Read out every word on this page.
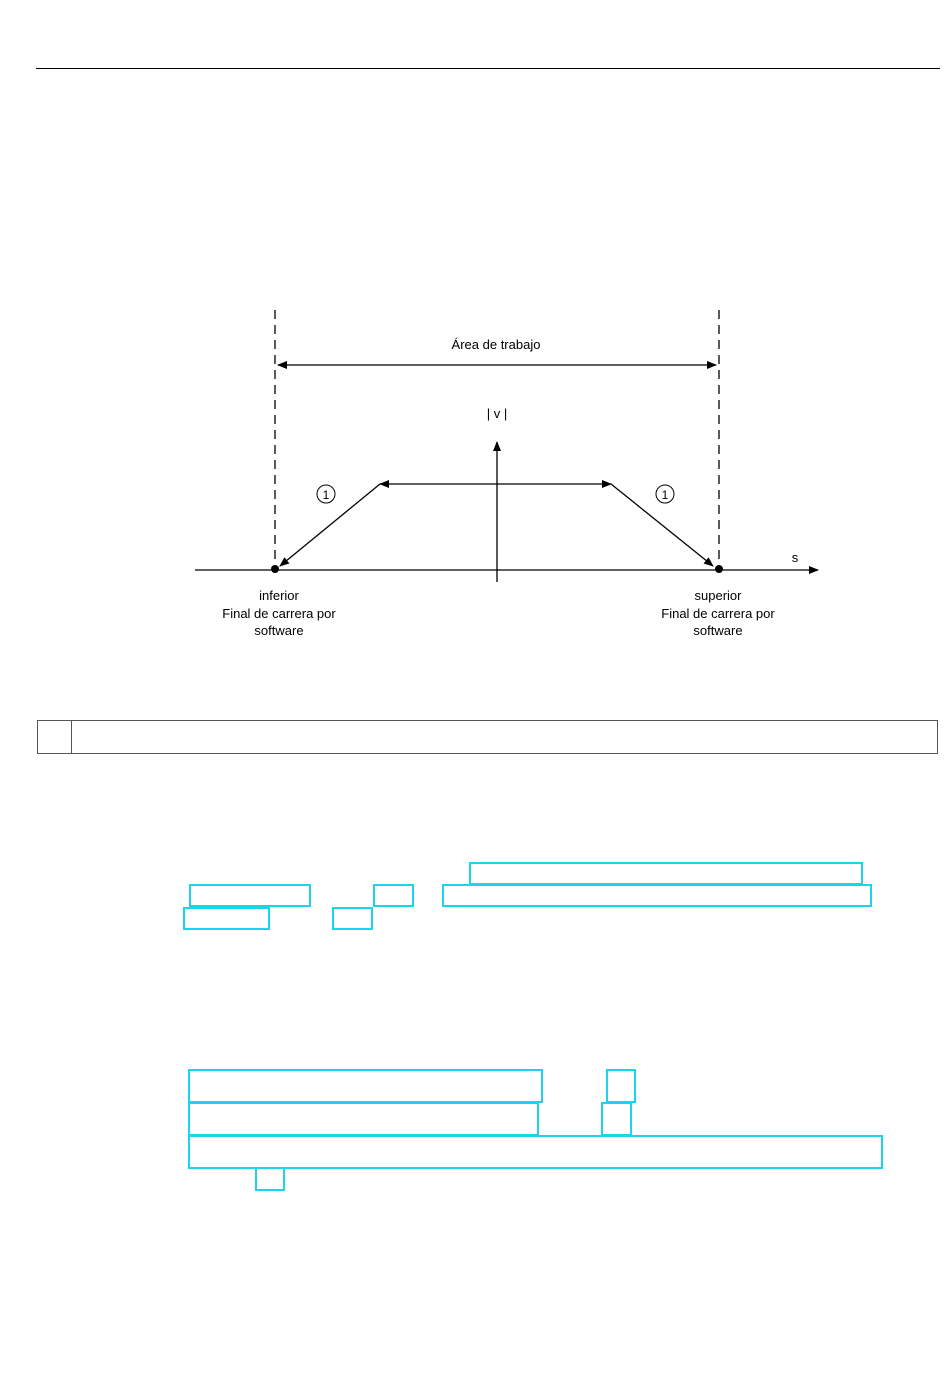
Área de trabajo
| v |
s
1	1
inferior
Final de carrera por
software
superior
Final de carrera por
software
